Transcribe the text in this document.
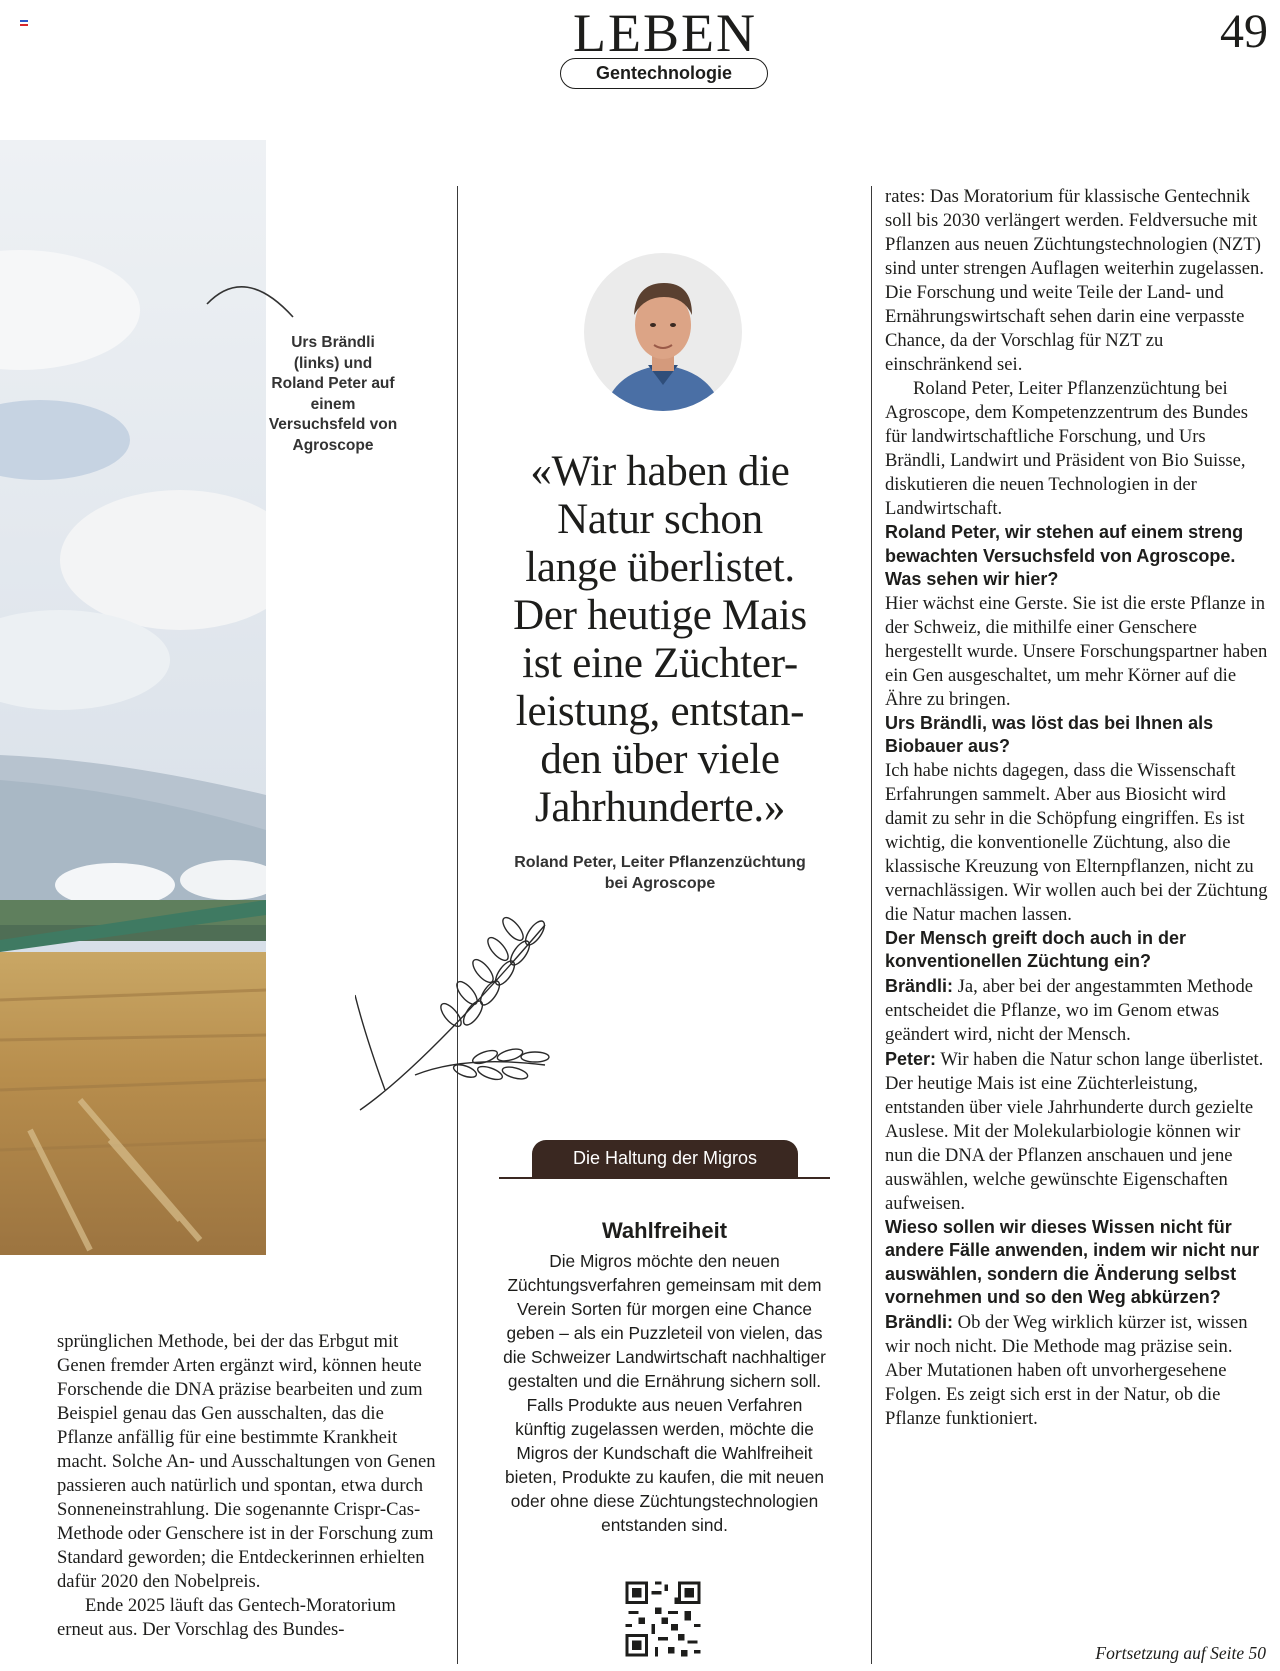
LEBEN	49
Gentechnologie
Urs Brändli (links) und Roland Peter auf einem Versuchsfeld von Agroscope
«Wir haben die
Natur schon
lange überlistet.
Der heutige Mais
ist eine Züchter-
leistung, entstan-
den über viele
Jahrhunderte.»
Roland Peter, Leiter Pflanzenzüchtung
bei Agroscope
Die Haltung der Migros
Wahlfreiheit
Die Migros möchte den neuen Züchtungsverfahren gemeinsam mit dem Verein Sorten für morgen eine Chance geben – als ein Puzzleteil von vielen, das die Schweizer Landwirtschaft nachhaltiger gestalten und die Ernährung sichern soll. Falls Produkte aus neuen Verfahren künftig zugelassen werden, möchte die Migros der Kundschaft die Wahlfreiheit bieten, Produkte zu kaufen, die mit neuen oder ohne diese Züchtungstechnologien entstanden sind.

sprünglichen Methode, bei der das Erbgut mit Genen fremder Arten ergänzt wird, können heute Forschende die DNA präzise bearbeiten und zum Beispiel genau das Gen ausschalten, das die Pflanze anfällig für eine bestimmte Krankheit macht. Solche An- und Ausschaltungen von Genen passieren auch natürlich und spontan, etwa durch Sonneneinstrahlung. Die sogenannte Crispr-Cas-Methode oder Genschere ist in der Forschung zum Standard geworden; die Entdeckerinnen erhielten dafür 2020 den Nobelpreis.

Ende 2025 läuft das Gentech-Moratorium erneut aus. Der Vorschlag des Bundes-

rates: Das Moratorium für klassische Gentechnik soll bis 2030 verlängert werden. Feldversuche mit Pflanzen aus neuen Züchtungstechnologien (NZT) sind unter strengen Auflagen weiterhin zugelassen. Die Forschung und weite Teile der Land- und Ernährungswirtschaft sehen darin eine verpasste Chance, da der Vorschlag für NZT zu einschränkend sei.

Roland Peter, Leiter Pflanzenzüchtung bei Agroscope, dem Kompetenzzentrum des Bundes für landwirtschaftliche Forschung, und Urs Brändli, Landwirt und Präsident von Bio Suisse, diskutieren die neuen Technologien in der Landwirtschaft.

Roland Peter, wir stehen auf einem streng bewachten Versuchsfeld von Agroscope. Was sehen wir hier?

Hier wächst eine Gerste. Sie ist die erste Pflanze in der Schweiz, die mithilfe einer Genschere hergestellt wurde. Unsere Forschungspartner haben ein Gen ausgeschaltet, um mehr Körner auf die Ähre zu bringen.

Urs Brändli, was löst das bei Ihnen als Biobauer aus?

Ich habe nichts dagegen, dass die Wissenschaft Erfahrungen sammelt. Aber aus Biosicht wird damit zu sehr in die Schöpfung eingriffen. Es ist wichtig, die konventionelle Züchtung, also die klassische Kreuzung von Elternpflanzen, nicht zu vernachlässigen. Wir wollen auch bei der Züchtung die Natur machen lassen.

Der Mensch greift doch auch in der konventionellen Züchtung ein?

Brändli: Ja, aber bei der angestammten Methode entscheidet die Pflanze, wo im Genom etwas geändert wird, nicht der Mensch.

Peter: Wir haben die Natur schon lange überlistet. Der heutige Mais ist eine Züchterleistung, entstanden über viele Jahrhunderte durch gezielte Auslese. Mit der Molekularbiologie können wir nun die DNA der Pflanzen anschauen und jene auswählen, welche gewünschte Eigenschaften aufweisen.

Wieso sollen wir dieses Wissen nicht für andere Fälle anwenden, indem wir nicht nur auswählen, sondern die Änderung selbst vornehmen und so den Weg abkürzen?

Brändli: Ob der Weg wirklich kürzer ist, wissen wir noch nicht. Die Methode mag präzise sein. Aber Mutationen haben oft unvorhergesehene Folgen. Es zeigt sich erst in der Natur, ob die Pflanze funktioniert.

Fortsetzung auf Seite 50
